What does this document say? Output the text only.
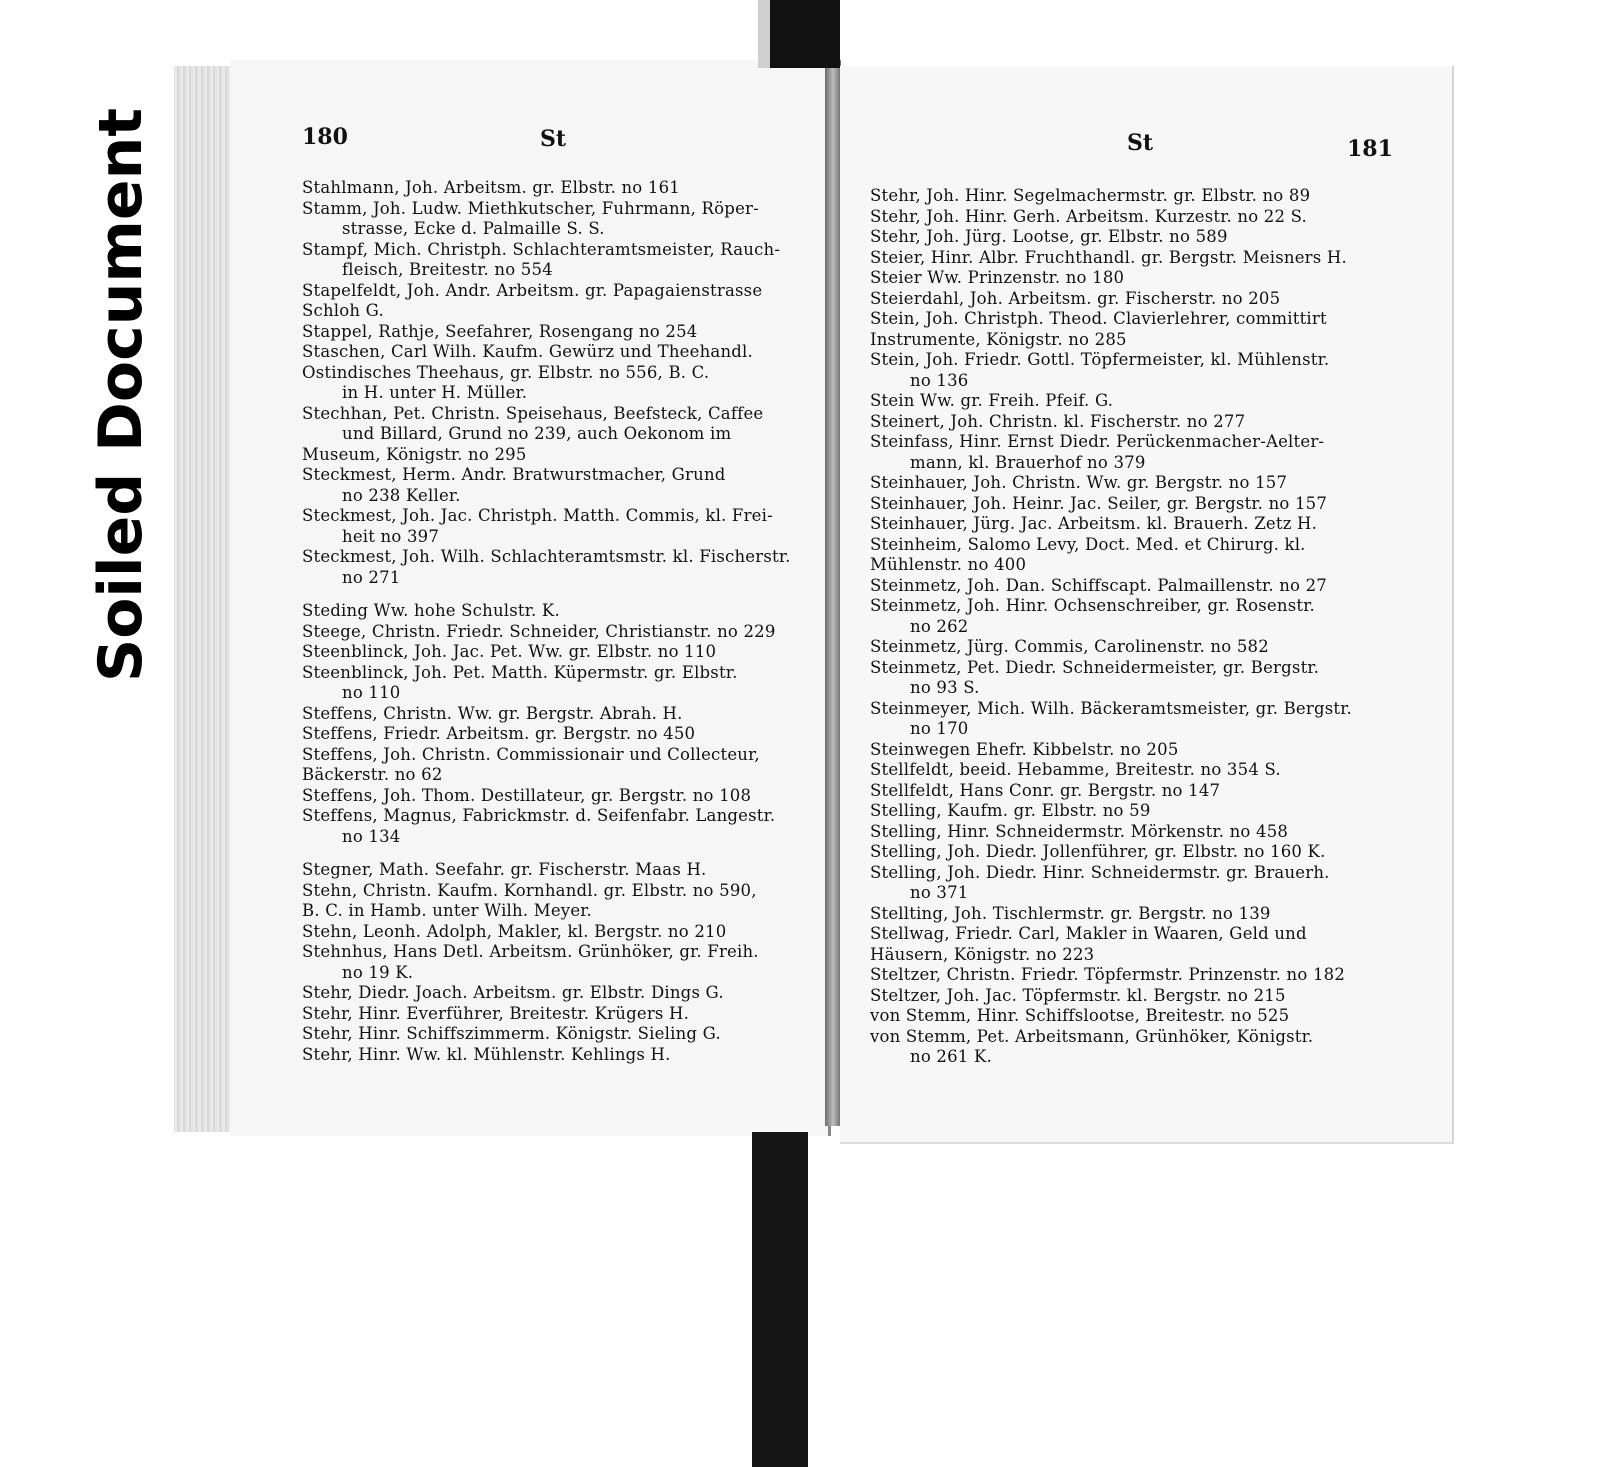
Soiled Document	180	St	St	181
Stahlmann, Joh. Arbeitsm. gr. Elbstr. no 161
Stamm, Joh. Ludw. Miethkutscher, Fuhrmann, Röper-
strasse, Ecke d. Palmaille S. S.
Stampf, Mich. Christph. Schlachteramtsmeister, Rauch-
fleisch, Breitestr. no 554
Stapelfeldt, Joh. Andr. Arbeitsm. gr. Papagaienstrasse
Schloh G.
Stappel, Rathje, Seefahrer, Rosengang no 254
Staschen, Carl Wilh. Kaufm. Gewürz und Theehandl.
Ostindisches Theehaus, gr. Elbstr. no 556, B. C.
in H. unter H. Müller.
Stechhan, Pet. Christn. Speisehaus, Beefsteck, Caffee
und Billard, Grund no 239, auch Oekonom im
Museum, Königstr. no 295
Steckmest, Herm. Andr. Bratwurstmacher, Grund
no 238 Keller.
Steckmest, Joh. Jac. Christph. Matth. Commis, kl. Frei-
heit no 397
Steckmest, Joh. Wilh. Schlachteramtsmstr. kl. Fischerstr.
no 271
Steding Ww. hohe Schulstr. K.
Steege, Christn. Friedr. Schneider, Christianstr. no 229
Steenblinck, Joh. Jac. Pet. Ww. gr. Elbstr. no 110
Steenblinck, Joh. Pet. Matth. Küpermstr. gr. Elbstr.
no 110
Steffens, Christn. Ww. gr. Bergstr. Abrah. H.
Steffens, Friedr. Arbeitsm. gr. Bergstr. no 450
Steffens, Joh. Christn. Commissionair und Collecteur,
Bäckerstr. no 62
Steffens, Joh. Thom. Destillateur, gr. Bergstr. no 108
Steffens, Magnus, Fabrickmstr. d. Seifenfabr. Langestr.
no 134
Stegner, Math. Seefahr. gr. Fischerstr. Maas H.
Stehn, Christn. Kaufm. Kornhandl. gr. Elbstr. no 590,
B. C. in Hamb. unter Wilh. Meyer.
Stehn, Leonh. Adolph, Makler, kl. Bergstr. no 210
Stehnhus, Hans Detl. Arbeitsm. Grünhöker, gr. Freih.
no 19 K.
Stehr, Diedr. Joach. Arbeitsm. gr. Elbstr. Dings G.
Stehr, Hinr. Everführer, Breitestr. Krügers H.
Stehr, Hinr. Schiffszimmerm. Königstr. Sieling G.
Stehr, Hinr. Ww. kl. Mühlenstr. Kehlings H.
Stehr, Joh. Hinr. Segelmachermstr. gr. Elbstr. no 89
Stehr, Joh. Hinr. Gerh. Arbeitsm. Kurzestr. no 22 S.
Stehr, Joh. Jürg. Lootse, gr. Elbstr. no 589
Steier, Hinr. Albr. Fruchthandl. gr. Bergstr. Meisners H.
Steier Ww. Prinzenstr. no 180
Steierdahl, Joh. Arbeitsm. gr. Fischerstr. no 205
Stein, Joh. Christph. Theod. Clavierlehrer, committirt
Instrumente, Königstr. no 285
Stein, Joh. Friedr. Gottl. Töpfermeister, kl. Mühlenstr.
no 136
Stein Ww. gr. Freih. Pfeif. G.
Steinert, Joh. Christn. kl. Fischerstr. no 277
Steinfass, Hinr. Ernst Diedr. Perückenmacher-Aelter-
mann, kl. Brauerhof no 379
Steinhauer, Joh. Christn. Ww. gr. Bergstr. no 157
Steinhauer, Joh. Heinr. Jac. Seiler, gr. Bergstr. no 157
Steinhauer, Jürg. Jac. Arbeitsm. kl. Brauerh. Zetz H.
Steinheim, Salomo Levy, Doct. Med. et Chirurg. kl.
Mühlenstr. no 400
Steinmetz, Joh. Dan. Schiffscapt. Palmaillenstr. no 27
Steinmetz, Joh. Hinr. Ochsenschreiber, gr. Rosenstr.
no 262
Steinmetz, Jürg. Commis, Carolinenstr. no 582
Steinmetz, Pet. Diedr. Schneidermeister, gr. Bergstr.
no 93 S.
Steinmeyer, Mich. Wilh. Bäckeramtsmeister, gr. Bergstr.
no 170
Steinwegen Ehefr. Kibbelstr. no 205
Stellfeldt, beeid. Hebamme, Breitestr. no 354 S.
Stellfeldt, Hans Conr. gr. Bergstr. no 147
Stelling, Kaufm. gr. Elbstr. no 59
Stelling, Hinr. Schneidermstr. Mörkenstr. no 458
Stelling, Joh. Diedr. Jollenführer, gr. Elbstr. no 160 K.
Stelling, Joh. Diedr. Hinr. Schneidermstr. gr. Brauerh.
no 371
Stellting, Joh. Tischlermstr. gr. Bergstr. no 139
Stellwag, Friedr. Carl, Makler in Waaren, Geld und
Häusern, Königstr. no 223
Steltzer, Christn. Friedr. Töpfermstr. Prinzenstr. no 182
Steltzer, Joh. Jac. Töpfermstr. kl. Bergstr. no 215
von Stemm, Hinr. Schiffslootse, Breitestr. no 525
von Stemm, Pet. Arbeitsmann, Grünhöker, Königstr.
no 261 K.
